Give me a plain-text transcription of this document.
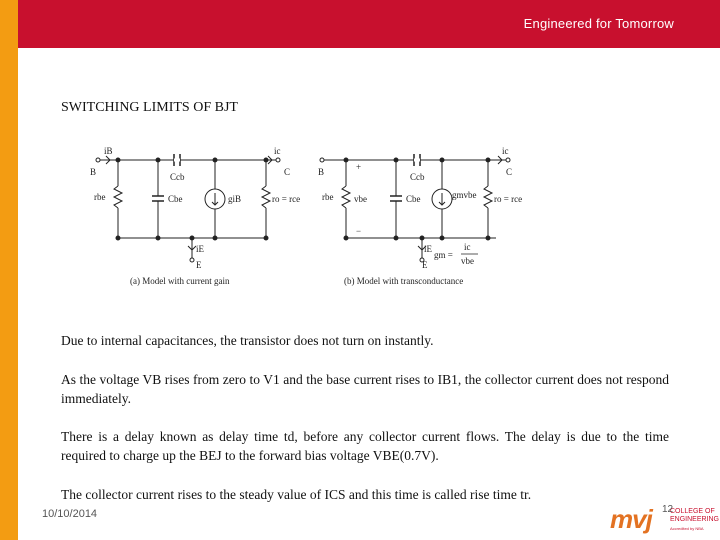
Engineered for Tomorrow
SWITCHING LIMITS OF BJT
iB	ic
iE
B	C
E
rbe
Ccb
Cbe	giB	ro = rce
(a) Model with current gain
ic
iE
B	C
E
+
−
rbe vbe
Ccb
Cbe	gmvbe ro = rce
gm =
ic
vbe
(b) Model with transconductance
Due to internal capacitances, the transistor does not turn on instantly.
As the voltage VB rises from zero to V1 and the base current rises to IB1, the collector current does not respond immediately.
There is a delay known as delay time td, before any collector current flows. The delay is due to the time required to charge up the BEJ to the forward bias voltage VBE(0.7V).
The collector current rises to the steady value of ICS and this time is called rise time tr.
10/10/2014	mvj	COLLEGE OF
ENGINEERING
Accredited by NBA
12
